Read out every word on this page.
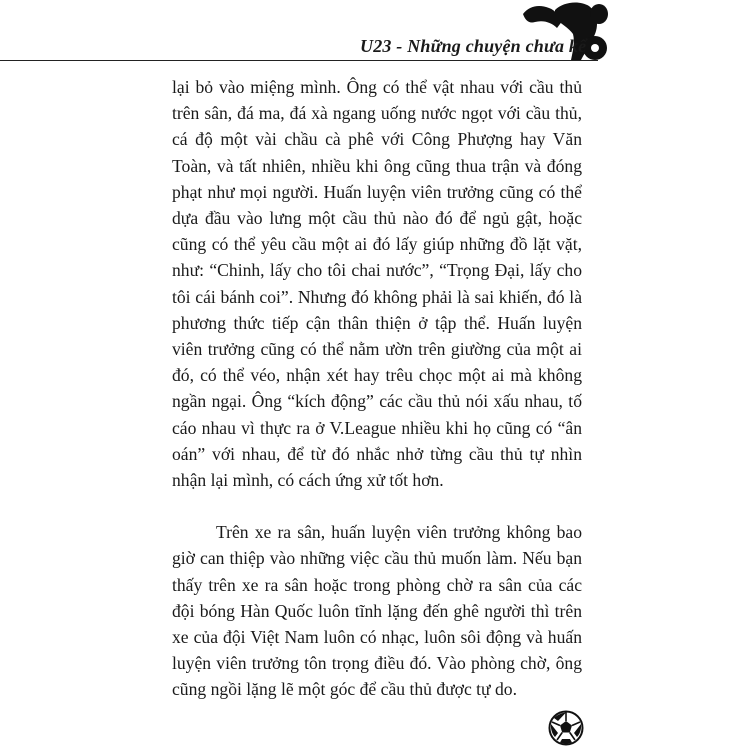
U23 - Những chuyện chưa kể

lại bỏ vào miệng mình. Ông có thể vật nhau với cầu thủ trên sân, đá ma, đá xà ngang uống nước ngọt với cầu thủ, cá độ một vài chầu cà phê với Công Phượng hay Văn Toàn, và tất nhiên, nhiều khi ông cũng thua trận và đóng phạt như mọi người. Huấn luyện viên trưởng cũng có thể dựa đầu vào lưng một cầu thủ nào đó để ngủ gật, hoặc cũng có thể yêu cầu một ai đó lấy giúp những đồ lặt vặt, như: “Chinh, lấy cho tôi chai nước”, “Trọng Đại, lấy cho tôi cái bánh coi”. Nhưng đó không phải là sai khiến, đó là phương thức tiếp cận thân thiện ở tập thể. Huấn luyện viên trưởng cũng có thể nằm ườn trên giường của một ai đó, có thể véo, nhận xét hay trêu chọc một ai mà không ngần ngại. Ông “kích động” các cầu thủ nói xấu nhau, tố cáo nhau vì thực ra ở V.League nhiều khi họ cũng có “ân oán” với nhau, để từ đó nhắc nhở từng cầu thủ tự nhìn nhận lại mình, có cách ứng xử tốt hơn.

Trên xe ra sân, huấn luyện viên trưởng không bao giờ can thiệp vào những việc cầu thủ muốn làm. Nếu bạn thấy trên xe ra sân hoặc trong phòng chờ ra sân của các đội bóng Hàn Quốc luôn tĩnh lặng đến ghê người thì trên xe của đội Việt Nam luôn có nhạc, luôn sôi động và huấn luyện viên trưởng tôn trọng điều đó. Vào phòng chờ, ông cũng ngồi lặng lẽ một góc để cầu thủ được tự do.
